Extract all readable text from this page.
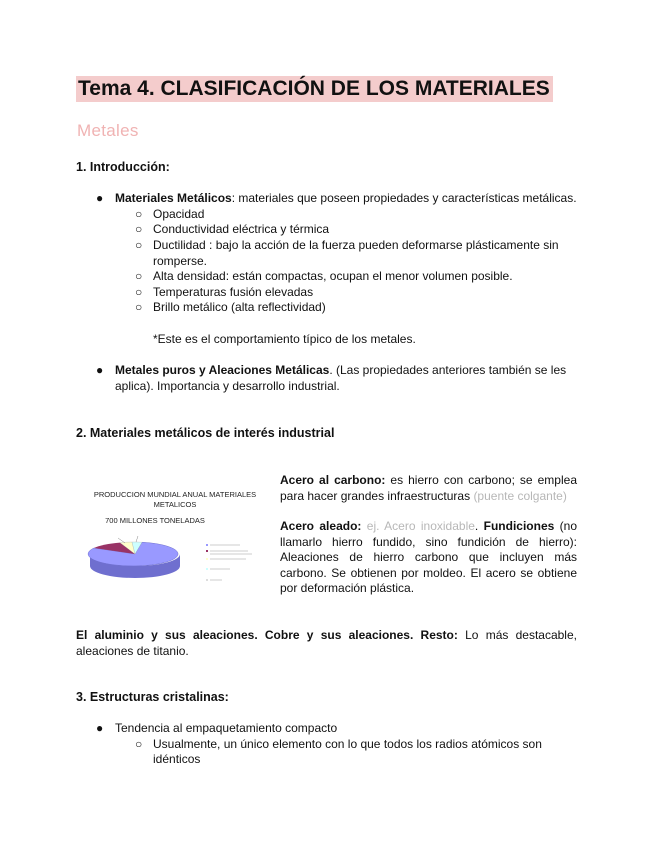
Tema 4. CLASIFICACIÓN DE LOS MATERIALES
Metales
1. Introducción:
● Materiales Metálicos: materiales que poseen propiedades y características metálicas.
○ Opacidad
○ Conductividad eléctrica y térmica
○ Ductilidad : bajo la acción de la fuerza pueden deformarse plásticamente sin
romperse.
○ Alta densidad: están compactas, ocupan el menor volumen posible.
○ Temperaturas fusión elevadas
○ Brillo metálico (alta reflectividad)
*Este es el comportamiento típico de los metales.
● Metales puros y Aleaciones Metálicas. (Las propiedades anteriores también se les
aplica). Importancia y desarrollo industrial.
2. Materiales metálicos de interés industrial
PRODUCCION MUNDIAL ANUAL MATERIALES
METALICOS
700 MILLONES TONELADAS
Acero al carbono: es hierro con carbono; se emplea para hacer grandes infraestructuras (puente colgante)
Acero aleado: ej. Acero inoxidable. Fundiciones (no llamarlo hierro fundido, sino fundición de hierro): Aleaciones de hierro carbono que incluyen más carbono. Se obtienen por moldeo. El acero se obtiene por deformación plástica.
El aluminio y sus aleaciones. Cobre y sus aleaciones. Resto: Lo más destacable, aleaciones de titanio.
3. Estructuras cristalinas:
● Tendencia al empaquetamiento compacto
○ Usualmente, un único elemento con lo que todos los radios atómicos son
idénticos
